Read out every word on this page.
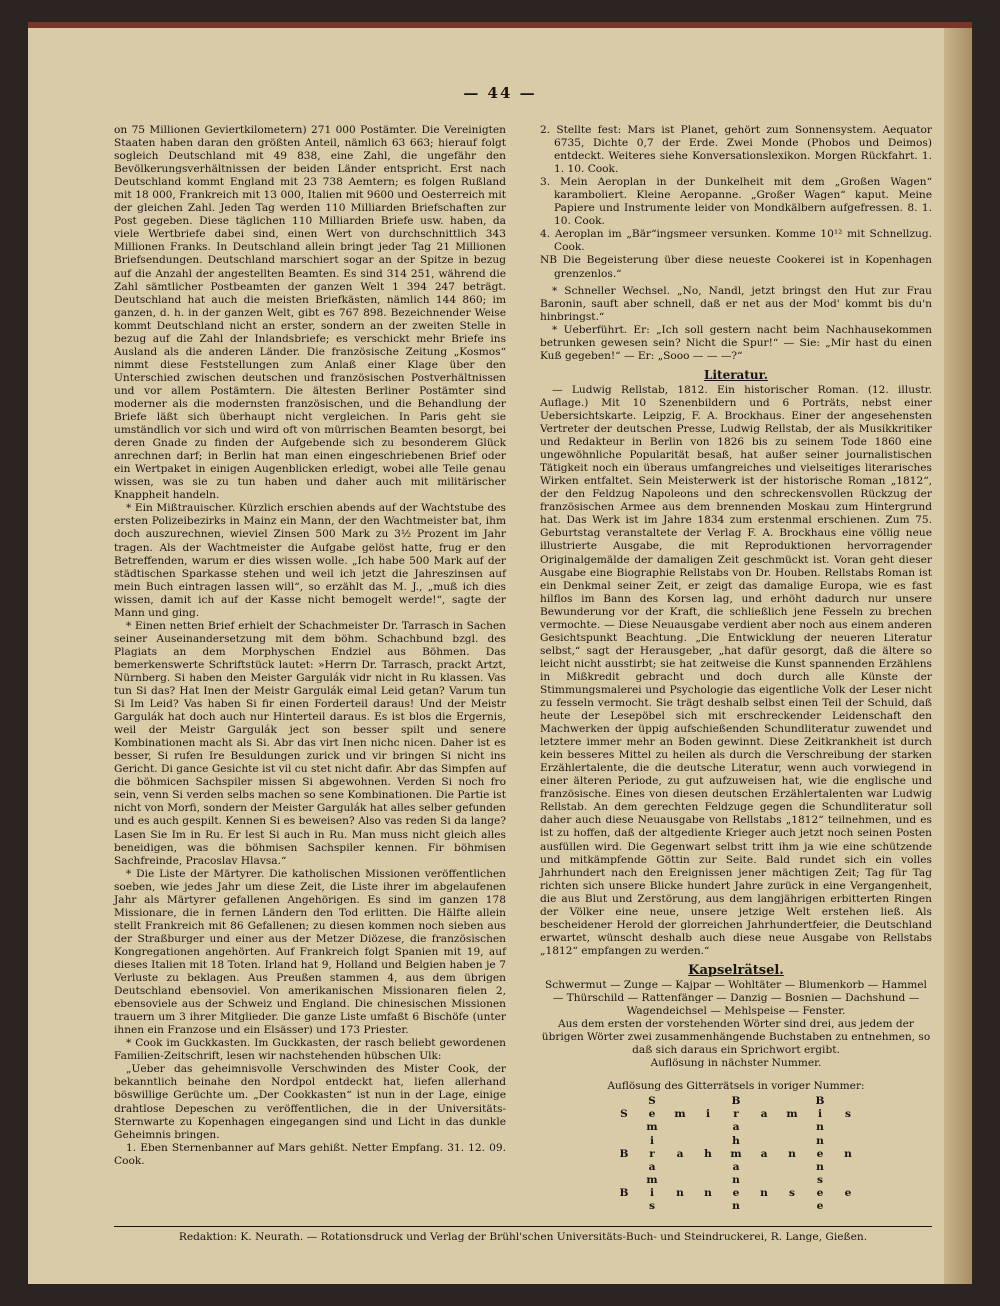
— 44 —

on 75 Millionen Geviertkilometern) 271 000 Postämter. Die Vereinigten Staaten haben daran den größten Anteil, nämlich 63 663; hierauf folgt sogleich Deutschland mit 49 838, eine Zahl, die ungefähr den Bevölkerungsverhältnissen der beiden Länder entspricht. Erst nach Deutschland kommt England mit 23 738 Aemtern; es folgen Rußland mit 18 000, Frankreich mit 13 000, Italien mit 9600 und Oesterreich mit der gleichen Zahl. Jeden Tag werden 110 Milliarden Briefschaften zur Post gegeben. Diese täglichen 110 Milliarden Briefe usw. haben, da viele Wertbriefe dabei sind, einen Wert von durchschnittlich 343 Millionen Franks. In Deutschland allein bringt jeder Tag 21 Millionen Briefsendungen. Deutschland marschiert sogar an der Spitze in bezug auf die Anzahl der angestellten Beamten. Es sind 314 251, während die Zahl sämtlicher Postbeamten der ganzen Welt 1 394 247 beträgt. Deutschland hat auch die meisten Briefkästen, nämlich 144 860; im ganzen, d. h. in der ganzen Welt, gibt es 767 898. Bezeichnender Weise kommt Deutschland nicht an erster, sondern an der zweiten Stelle in bezug auf die Zahl der Inlandsbriefe; es verschickt mehr Briefe ins Ausland als die anderen Länder. Die französische Zeitung „Kosmos“ nimmt diese Feststellungen zum Anlaß einer Klage über den Unterschied zwischen deutschen und französischen Postverhältnissen und vor allem Postämtern. Die ältesten Berliner Postämter sind moderner als die modernsten französischen, und die Behandlung der Briefe läßt sich überhaupt nicht vergleichen. In Paris geht sie umständlich vor sich und wird oft von mürrischen Beamten besorgt, bei deren Gnade zu finden der Aufgebende sich zu besonderem Glück anrechnen darf; in Berlin hat man einen eingeschriebenen Brief oder ein Wertpaket in einigen Augenblicken erledigt, wobei alle Teile genau wissen, was sie zu tun haben und daher auch mit militärischer Knappheit handeln.

* Ein Mißtrauischer. Kürzlich erschien abends auf der Wachtstube des ersten Polizeibezirks in Mainz ein Mann, der den Wachtmeister bat, ihm doch auszurechnen, wieviel Zinsen 500 Mark zu 3½ Prozent im Jahr tragen. Als der Wachtmeister die Aufgabe gelöst hatte, frug er den Betreffenden, warum er dies wissen wolle. „Ich habe 500 Mark auf der städtischen Sparkasse stehen und weil ich jetzt die Jahreszinsen auf mein Buch eintragen lassen will“, so erzählt das M. J., „muß ich dies wissen, damit ich auf der Kasse nicht bemogelt werde!“, sagte der Mann und ging.

* Einen netten Brief erhielt der Schachmeister Dr. Tarrasch in Sachen seiner Auseinandersetzung mit dem böhm. Schachbund bzgl. des Plagiats an dem Morphyschen Endziel aus Böhmen. Das bemerkenswerte Schriftstück lautet: »Herrn Dr. Tarrasch, prackt Artzt, Nürnberg. Si haben den Meister Gargulák vidr nicht in Ru klassen. Vas tun Si das? Hat Inen der Meistr Gargulák eimal Leid getan? Varum tun Si Im Leid? Vas haben Si fir einen Forderteil daraus! Und der Meistr Gargulák hat doch auch nur Hinterteil daraus. Es ist blos die Ergernis, weil der Meistr Gargulák ject son besser spilt und senere Kombinationen macht als Si. Abr das virt Inen nichc nicen. Daher ist es besser, Si rufen Ire Besuldungen zurick und vir bringen Si nicht ins Gericht. Di gance Gesichte ist vil cu stet nicht dafir. Abr das Simpfen auf die böhmicen Sachspiler missen Si abgewohnen. Verden Si noch fro sein, venn Si verden selbs machen so sene Kombinationen. Die Partie ist nicht von Morfi, sondern der Meister Gargulák hat alles selber gefunden und es auch gespilt. Kennen Si es beweisen? Also vas reden Si da lange? Lasen Sie Im in Ru. Er lest Si auch in Ru. Man muss nicht gleich alles beneidigen, was die böhmisen Sachspiler kennen. Fir böhmisen Sachfreinde, Pracoslav Hlavsa.“

* Die Liste der Märtyrer. Die katholischen Missionen veröffentlichen soeben, wie jedes Jahr um diese Zeit, die Liste ihrer im abgelaufenen Jahr als Märtyrer gefallenen Angehörigen. Es sind im ganzen 178 Missionare, die in fernen Ländern den Tod erlitten. Die Hälfte allein stellt Frankreich mit 86 Gefallenen; zu diesen kommen noch sieben aus der Straßburger und einer aus der Metzer Diözese, die französischen Kongregationen angehörten. Auf Frankreich folgt Spanien mit 19, auf dieses Italien mit 18 Toten. Irland hat 9, Holland und Belgien haben je 7 Verluste zu beklagen. Aus Preußen stammen 4, aus dem übrigen Deutschland ebensoviel. Von amerikanischen Missionaren fielen 2, ebensoviele aus der Schweiz und England. Die chinesischen Missionen trauern um 3 ihrer Mitglieder. Die ganze Liste umfaßt 6 Bischöfe (unter ihnen ein Franzose und ein Elsässer) und 173 Priester.

* Cook im Guckkasten. Im Guckkasten, der rasch beliebt gewordenen Familien-Zeitschrift, lesen wir nachstehenden hübschen Ulk:

„Ueber das geheimnisvolle Verschwinden des Mister Cook, der bekanntlich beinahe den Nordpol entdeckt hat, liefen allerhand böswillige Gerüchte um. „Der Cookkasten“ ist nun in der Lage, einige drahtlose Depeschen zu veröffentlichen, die in der Universitäts-Sternwarte zu Kopenhagen eingegangen sind und Licht in das dunkle Geheimnis bringen.

1. Eben Sternenbanner auf Mars gehißt. Netter Empfang. 31. 12. 09. Cook.

2. Stellte fest: Mars ist Planet, gehört zum Sonnensystem. Aequator 6735, Dichte 0,7 der Erde. Zwei Monde (Phobos und Deimos) entdeckt. Weiteres siehe Konversationslexikon. Morgen Rückfahrt. 1. 1. 10. Cook.
3. Mein Aeroplan in der Dunkelheit mit dem „Großen Wagen“ karamboliert. Kleine Aeropanne. „Großer Wagen“ kaput. Meine Papiere und Instrumente leider von Mondkälbern aufgefressen. 8. 1. 10. Cook.
4. Aeroplan im „Bär“ingsmeer versunken. Komme 10¹² mit Schnellzug. Cook.
NB Die Begeisterung über diese neueste Cookerei ist in Kopenhagen grenzenlos.“

* Schneller Wechsel. „No, Nandl, jetzt bringst den Hut zur Frau Baronin, sauft aber schnell, daß er net aus der Mod' kommt bis du'n hinbringst.“

* Ueberführt. Er: „Ich soll gestern nacht beim Nachhausekommen betrunken gewesen sein? Nicht die Spur!“ — Sie: „Mir hast du einen Kuß gegeben!“ — Er: „Sooo — — —?“

Literatur.

— Ludwig Rellstab, 1812. Ein historischer Roman. (12. illustr. Auflage.) Mit 10 Szenenbildern und 6 Porträts, nebst einer Uebersichtskarte. Leipzig, F. A. Brockhaus. Einer der angesehensten Vertreter der deutschen Presse, Ludwig Rellstab, der als Musikkritiker und Redakteur in Berlin von 1826 bis zu seinem Tode 1860 eine ungewöhnliche Popularität besaß, hat außer seiner journalistischen Tätigkeit noch ein überaus umfangreiches und vielseitiges literarisches Wirken entfaltet. Sein Meisterwerk ist der historische Roman „1812“, der den Feldzug Napoleons und den schreckensvollen Rückzug der französischen Armee aus dem brennenden Moskau zum Hintergrund hat. Das Werk ist im Jahre 1834 zum erstenmal erschienen. Zum 75. Geburtstag veranstaltete der Verlag F. A. Brockhaus eine völlig neue illustrierte Ausgabe, die mit Reproduktionen hervorragender Originalgemälde der damaligen Zeit geschmückt ist. Voran geht dieser Ausgabe eine Biographie Rellstabs von Dr. Houben. Rellstabs Roman ist ein Denkmal seiner Zeit, er zeigt das damalige Europa, wie es fast hilflos im Bann des Korsen lag, und erhöht dadurch nur unsere Bewunderung vor der Kraft, die schließlich jene Fesseln zu brechen vermochte. — Diese Neuausgabe verdient aber noch aus einem anderen Gesichtspunkt Beachtung. „Die Entwicklung der neueren Literatur selbst,“ sagt der Herausgeber, „hat dafür gesorgt, daß die ältere so leicht nicht ausstirbt; sie hat zeitweise die Kunst spannenden Erzählens in Mißkredit gebracht und doch durch alle Künste der Stimmungsmalerei und Psychologie das eigentliche Volk der Leser nicht zu fesseln vermocht. Sie trägt deshalb selbst einen Teil der Schuld, daß heute der Lesepöbel sich mit erschreckender Leidenschaft den Machwerken der üppig aufschießenden Schundliteratur zuwendet und letztere immer mehr an Boden gewinnt. Diese Zeitkrankheit ist durch kein besseres Mittel zu heilen als durch die Verschreibung der starken Erzählertalente, die die deutsche Literatur, wenn auch vorwiegend in einer älteren Periode, zu gut aufzuweisen hat, wie die englische und französische. Eines von diesen deutschen Erzählertalenten war Ludwig Rellstab. An dem gerechten Feldzuge gegen die Schundliteratur soll daher auch diese Neuausgabe von Rellstabs „1812“ teilnehmen, und es ist zu hoffen, daß der altgediente Krieger auch jetzt noch seinen Posten ausfüllen wird. Die Gegenwart selbst tritt ihm ja wie eine schützende und mitkämpfende Göttin zur Seite. Bald rundet sich ein volles Jahrhundert nach den Ereignissen jener mächtigen Zeit; Tag für Tag richten sich unsere Blicke hundert Jahre zurück in eine Vergangenheit, die aus Blut und Zerstörung, aus dem langjährigen erbitterten Ringen der Völker eine neue, unsere jetzige Welt erstehen ließ. Als bescheidener Herold der glorreichen Jahrhundertfeier, die Deutschland erwartet, wünscht deshalb auch diese neue Ausgabe von Rellstabs „1812“ empfangen zu werden.“

Kapselrätsel.

Schwermut — Zunge — Kajpar — Wohltäter — Blumenkorb — Hammel — Thürschild — Rattenfänger — Danzig — Bosnien — Dachshund — Wagendeichsel — Mehlspeise — Fenster.

Aus dem ersten der vorstehenden Wörter sind drei, aus jedem der übrigen Wörter zwei zusammenhängende Buchstaben zu entnehmen, so daß sich daraus ein Sprichwort ergibt.

Auflösung in nächster Nummer.

Auflösung des Gitterrätsels in voriger Nummer:
	S			B			B	
S	e	m	i	r	a	m	i	s
	m			a			n	
	i			h			n	
B	r	a	h	m	a	n	e	n
	a			a			n	
	m			n			s	
B	i	n	n	e	n	s	e	e
	s			n			e	
Redaktion: K. Neurath. — Rotationsdruck und Verlag der Brühl'schen Universitäts-Buch- und Steindruckerei, R. Lange, Gießen.
